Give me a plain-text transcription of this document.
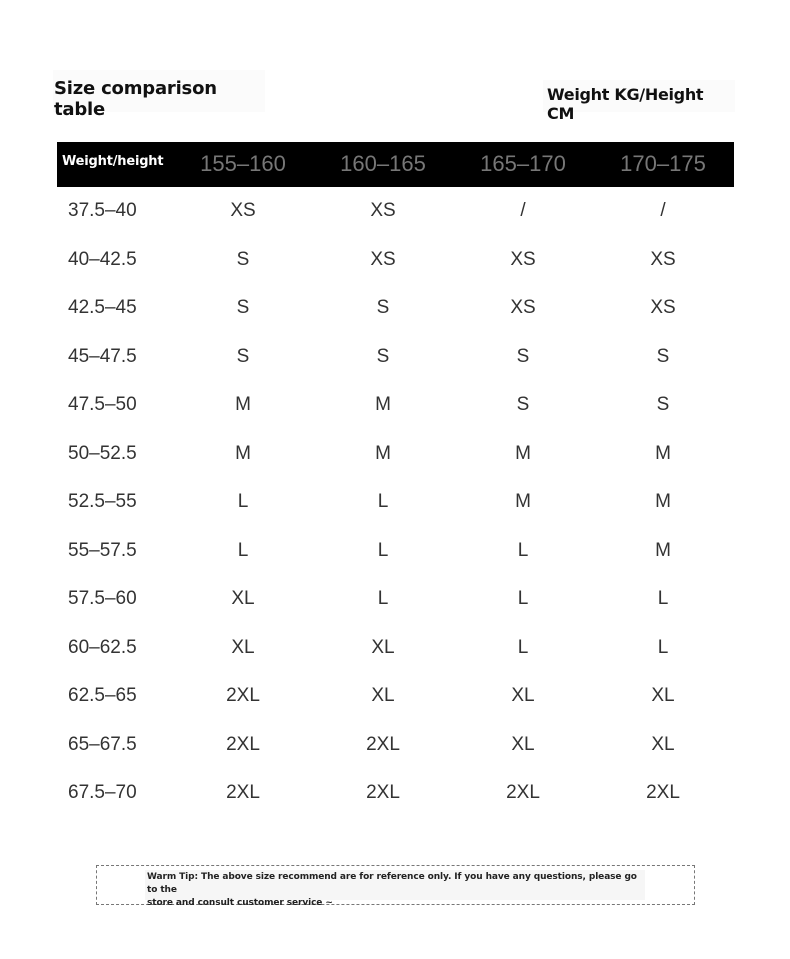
Size comparison table
Weight KG/Height CM
Weight/height	155–160	160–165	165–170	170–175
37.5–40	XS	XS	/	/
40–42.5	S	XS	XS	XS
42.5–45	S	S	XS	XS
45–47.5	S	S	S	S
47.5–50	M	M	S	S
50–52.5	M	M	M	M
52.5–55	L	L	M	M
55–57.5	L	L	L	M
57.5–60	XL	L	L	L
60–62.5	XL	XL	L	L
62.5–65	2XL	XL	XL	XL
65–67.5	2XL	2XL	XL	XL
67.5–70	2XL	2XL	2XL	2XL
Warm Tip: The above size recommend are for reference only. If you have any questions, please go to the
store and consult customer service ~
